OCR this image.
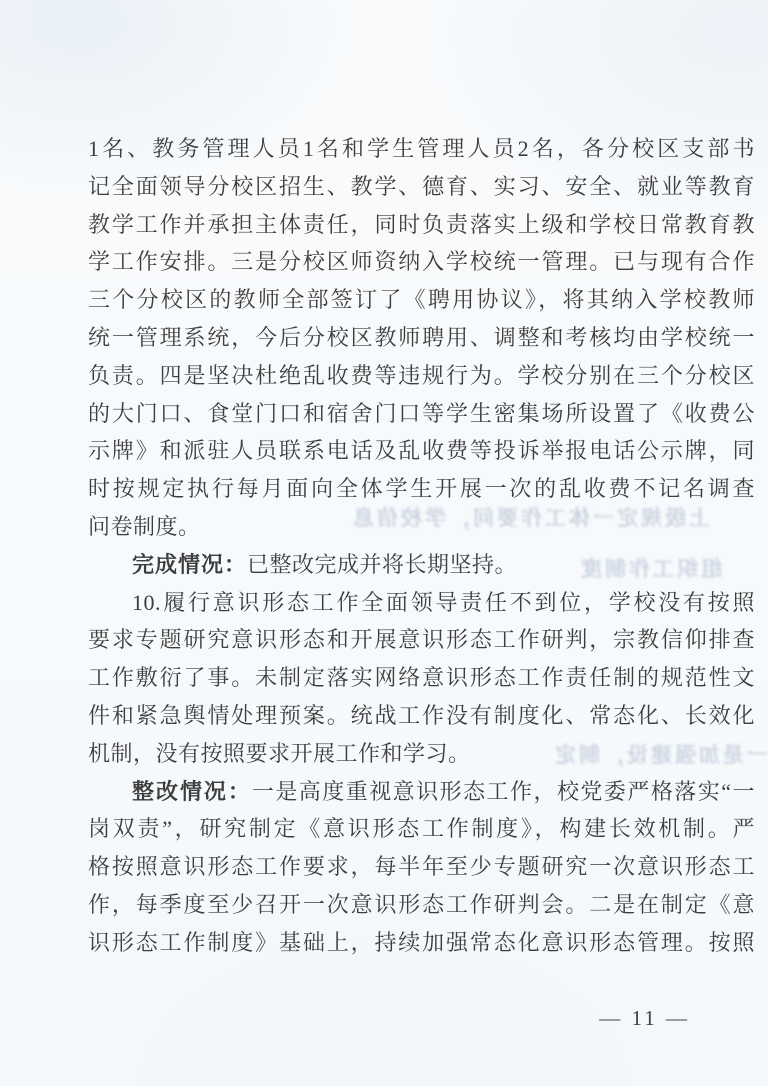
上级规定一体工作要问，学校信息
组织工作制度
一是加强建设，制定
1名、教务管理人员1名和学生管理人员2名，各分校区支部书
记全面领导分校区招生、教学、德育、实习、安全、就业等教育
教学工作并承担主体责任，同时负责落实上级和学校日常教育教
学工作安排。三是分校区师资纳入学校统一管理。已与现有合作
三个分校区的教师全部签订了《聘用协议》，将其纳入学校教师
统一管理系统，今后分校区教师聘用、调整和考核均由学校统一
负责。四是坚决杜绝乱收费等违规行为。学校分别在三个分校区
的大门口、食堂门口和宿舍门口等学生密集场所设置了《收费公
示牌》和派驻人员联系电话及乱收费等投诉举报电话公示牌，同
时按规定执行每月面向全体学生开展一次的乱收费不记名调查
问卷制度。
完成情况：已整改完成并将长期坚持。
10.履行意识形态工作全面领导责任不到位，学校没有按照
要求专题研究意识形态和开展意识形态工作研判，宗教信仰排查
工作敷衍了事。未制定落实网络意识形态工作责任制的规范性文
件和紧急舆情处理预案。统战工作没有制度化、常态化、长效化
机制，没有按照要求开展工作和学习。
整改情况：一是高度重视意识形态工作，校党委严格落实“一
岗双责”，研究制定《意识形态工作制度》，构建长效机制。严
格按照意识形态工作要求，每半年至少专题研究一次意识形态工
作，每季度至少召开一次意识形态工作研判会。二是在制定《意
识形态工作制度》基础上，持续加强常态化意识形态管理。按照
— 11 —
